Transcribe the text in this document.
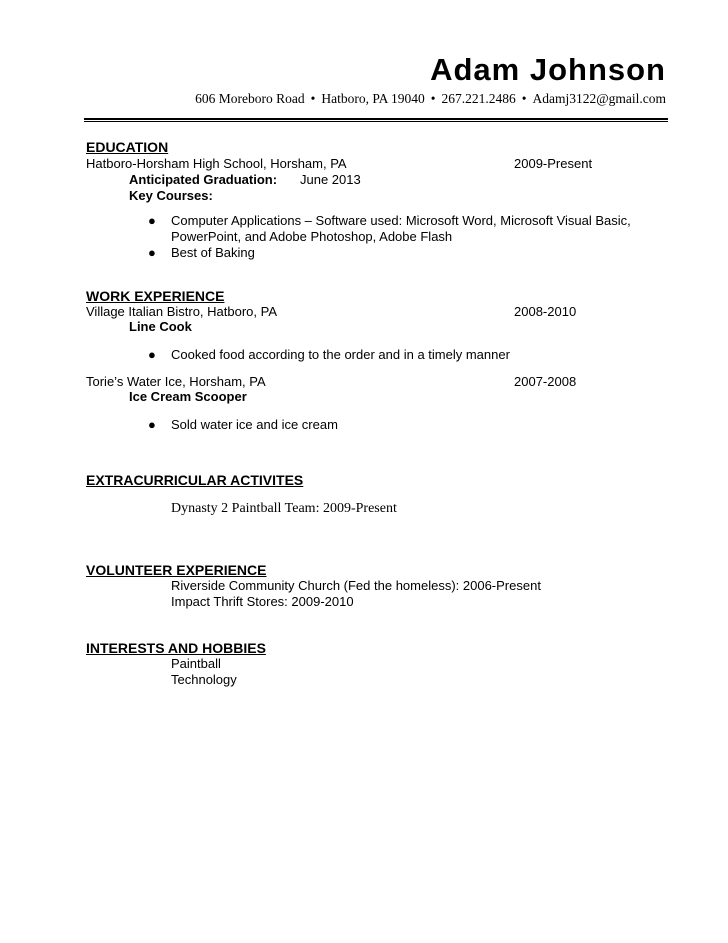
Adam Johnson
606 Moreboro Road • Hatboro, PA 19040 • 267.221.2486 • Adamj3122@gmail.com
EDUCATION
Hatboro-Horsham High School, Horsham, PA	2009-Present
Anticipated Graduation: June 2013
Key Courses:
● Computer Applications – Software used: Microsoft Word, Microsoft Visual Basic,
PowerPoint, and Adobe Photoshop, Adobe Flash
● Best of Baking
WORK EXPERIENCE
Village Italian Bistro, Hatboro, PA	2008-2010
Line Cook
● Cooked food according to the order and in a timely manner
Torie’s Water Ice, Horsham, PA	2007-2008
Ice Cream Scooper
● Sold water ice and ice cream
EXTRACURRICULAR ACTIVITES
Dynasty 2 Paintball Team: 2009-Present
VOLUNTEER EXPERIENCE
Riverside Community Church (Fed the homeless): 2006-Present
Impact Thrift Stores: 2009-2010
INTERESTS AND HOBBIES
Paintball
Technology
